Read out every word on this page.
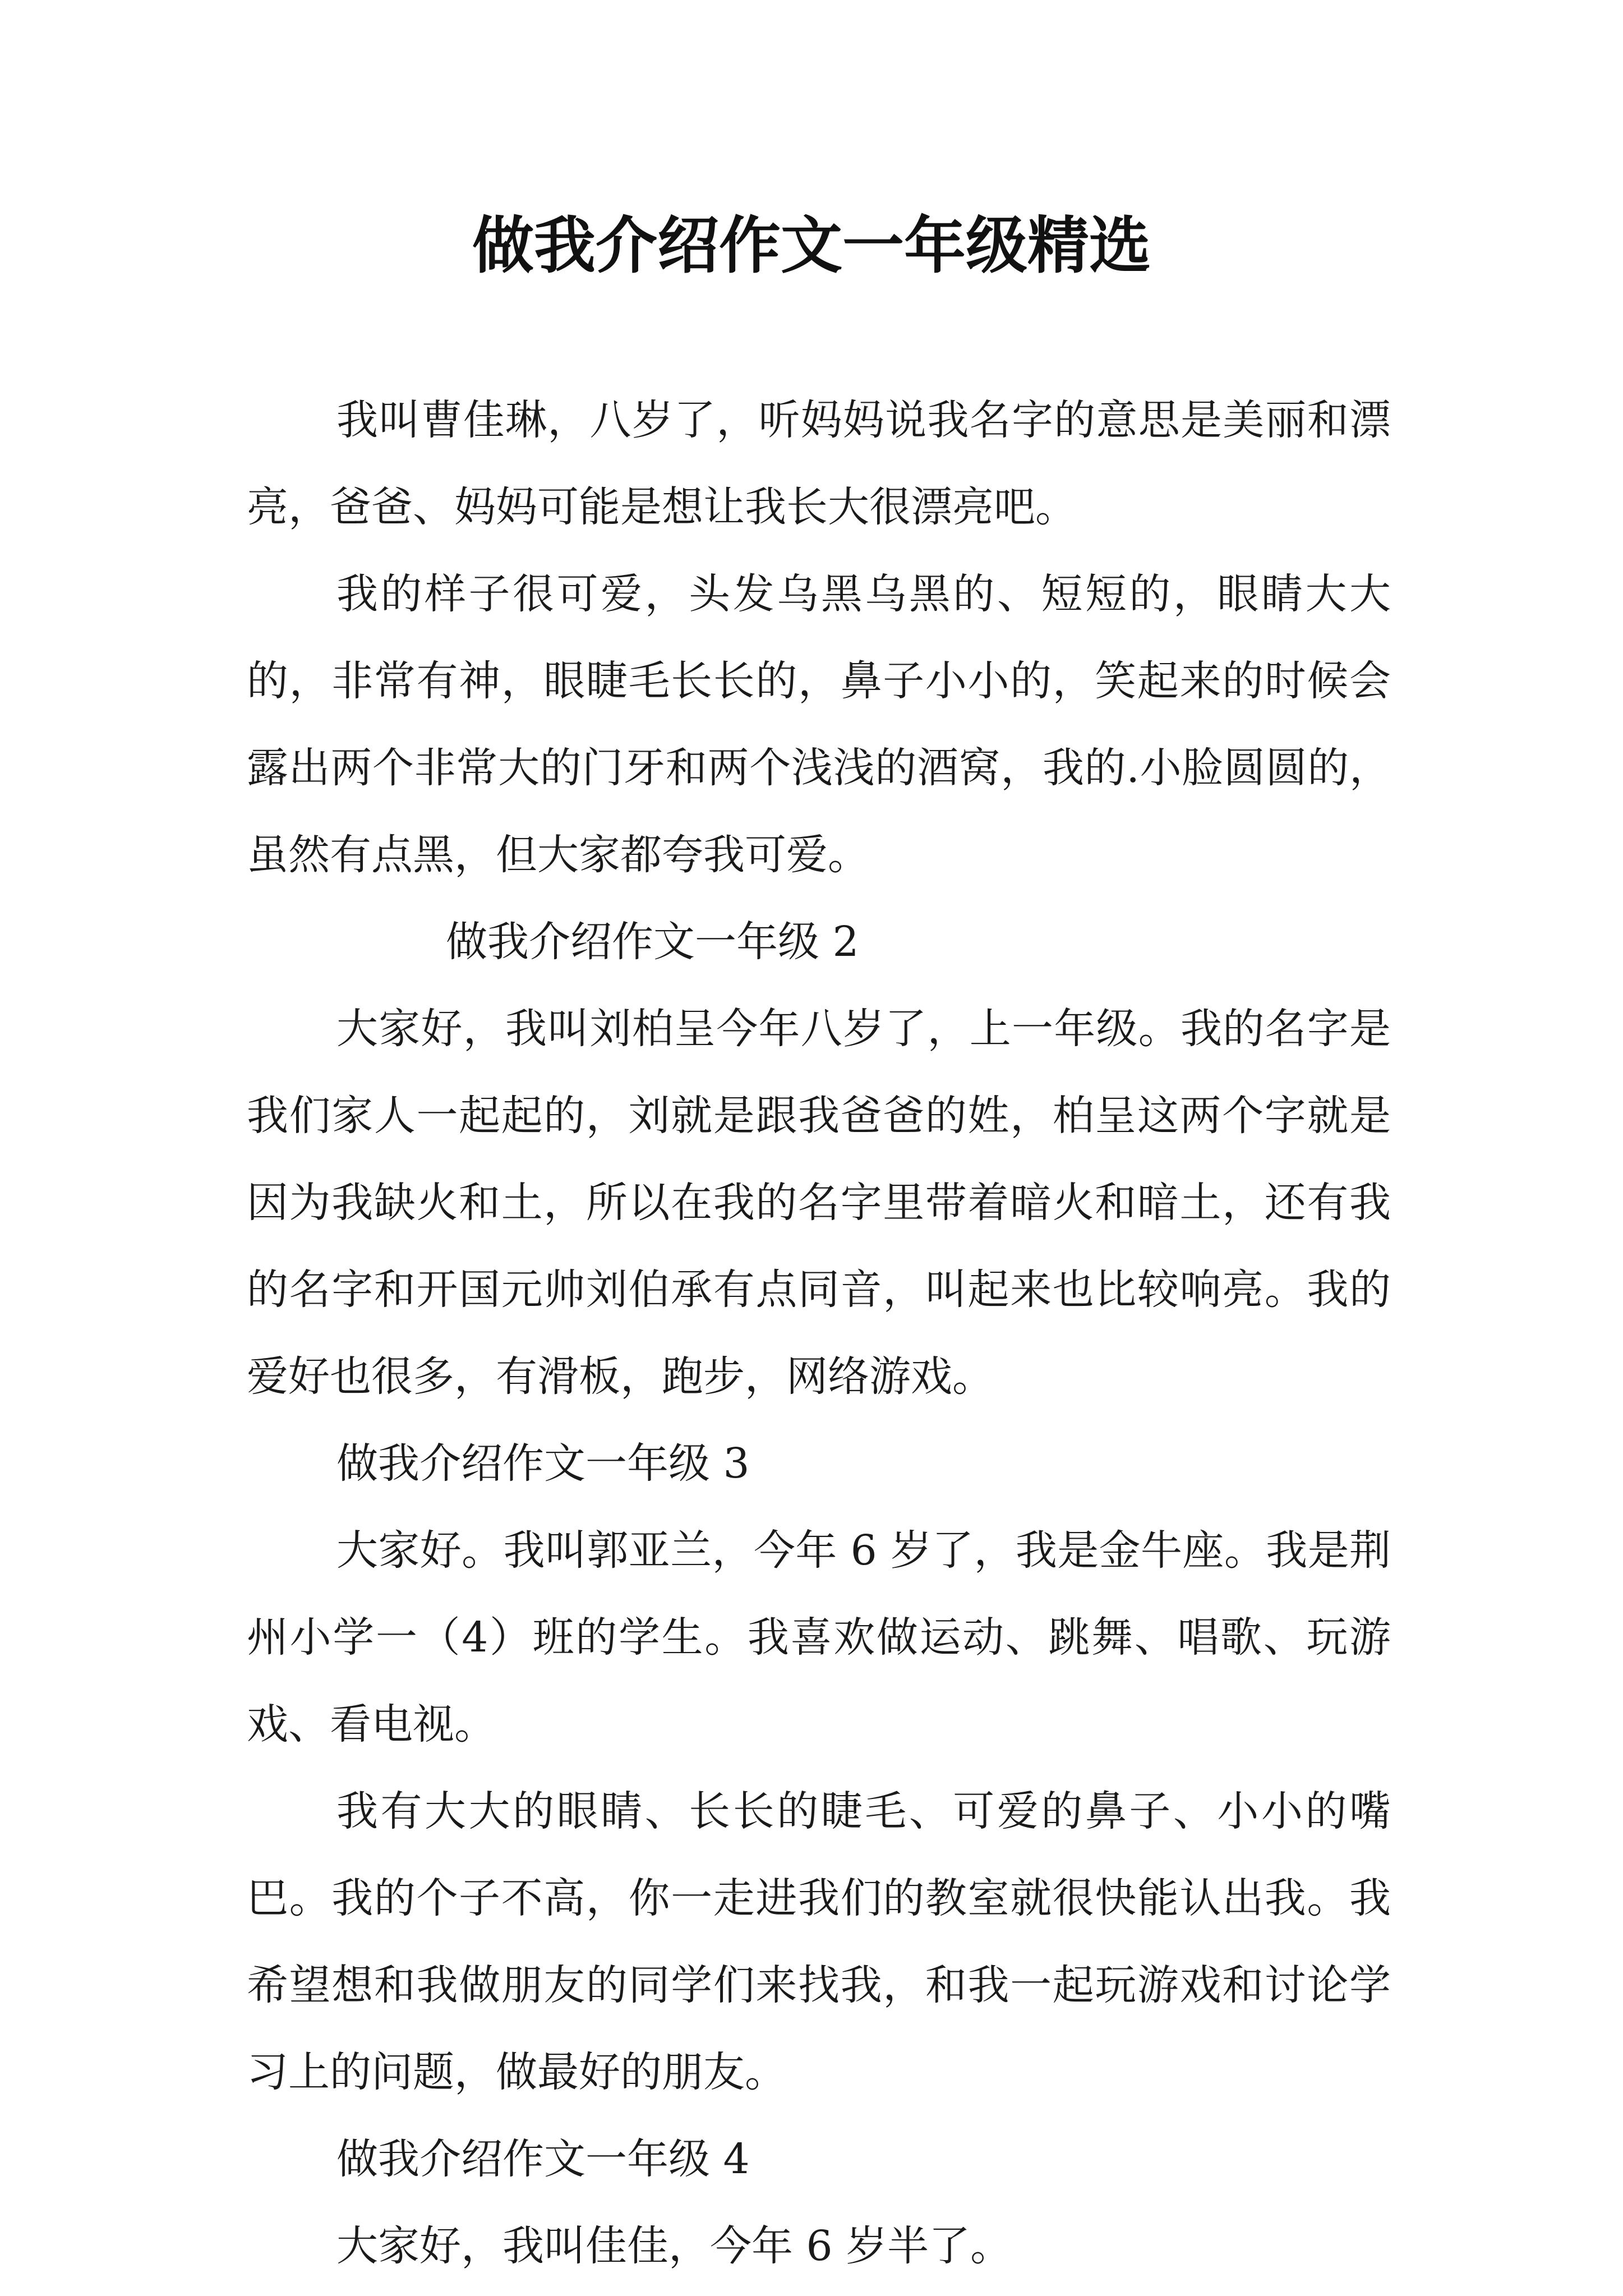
做我介绍作文一年级精选

我叫曹佳琳，八岁了，听妈妈说我名字的意思是美丽和漂亮，爸爸、妈妈可能是想让我长大很漂亮吧。

我的样子很可爱，头发乌黑乌黑的、短短的，眼睛大大的，非常有神，眼睫毛长长的，鼻子小小的，笑起来的时候会露出两个非常大的门牙和两个浅浅的酒窝，我的.小脸圆圆的，虽然有点黑，但大家都夸我可爱。

做我介绍作文一年级 2

大家好，我叫刘柏呈今年八岁了，上一年级。我的名字是我们家人一起起的，刘就是跟我爸爸的姓，柏呈这两个字就是因为我缺火和土，所以在我的名字里带着暗火和暗土，还有我的名字和开国元帅刘伯承有点同音，叫起来也比较响亮。我的爱好也很多，有滑板，跑步，网络游戏。

做我介绍作文一年级 3

大家好。我叫郭亚兰，今年 6 岁了，我是金牛座。我是荆州小学一（4）班的学生。我喜欢做运动、跳舞、唱歌、玩游戏、看电视。

我有大大的眼睛、长长的睫毛、可爱的鼻子、小小的嘴巴。我的个子不高，你一走进我们的教室就很快能认出我。我希望想和我做朋友的同学们来找我，和我一起玩游戏和讨论学习上的问题，做最好的朋友。

做我介绍作文一年级 4

大家好，我叫佳佳，今年 6 岁半了。
